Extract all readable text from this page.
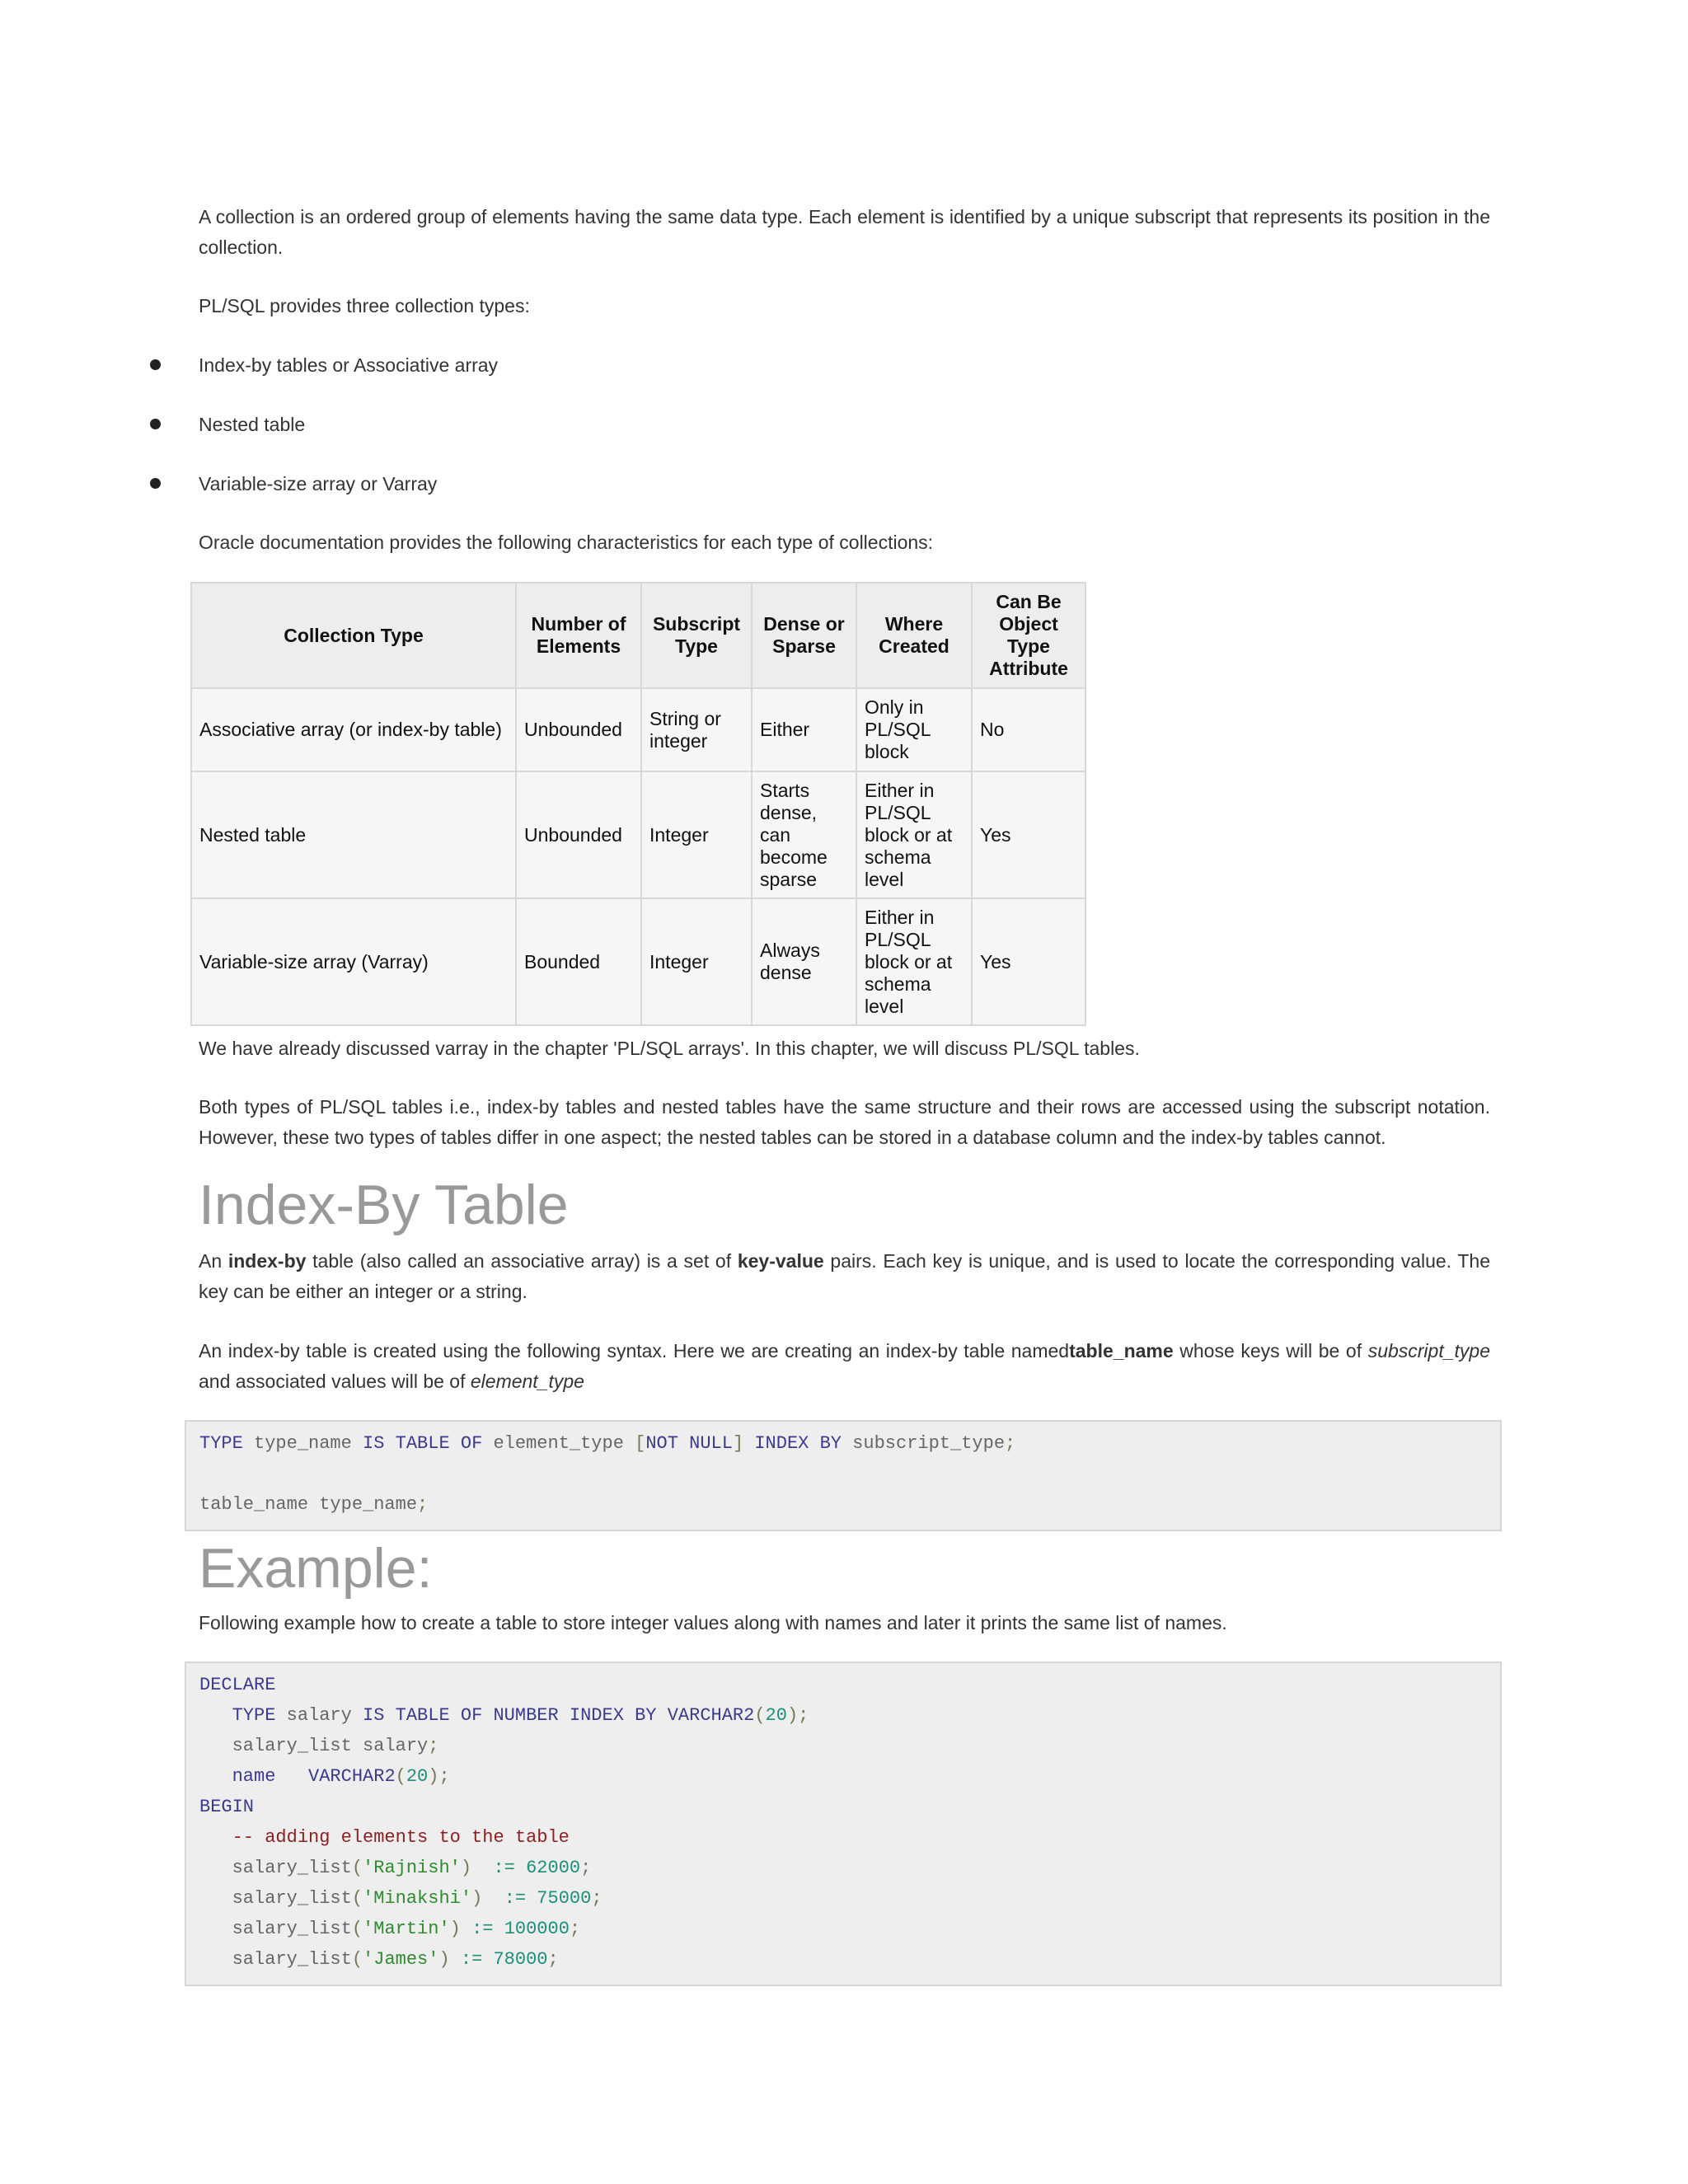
A collection is an ordered group of elements having the same data type. Each element is identified by a unique subscript that represents its position in the collection.

PL/SQL provides three collection types:

Index-by tables or Associative array

Nested table

Variable-size array or Varray

Oracle documentation provides the following characteristics for each type of collections:

Collection Type	Number of Elements	Subscript Type	Dense or Sparse	Where Created	Can Be Object Type Attribute
Associative array (or index-by table)	Unbounded	String or integer	Either	Only in PL/SQL block	No
Nested table	Unbounded	Integer	Starts dense, can become sparse	Either in PL/SQL block or at schema level	Yes
Variable-size array (Varray)	Bounded	Integer	Always dense	Either in PL/SQL block or at schema level	Yes

We have already discussed varray in the chapter 'PL/SQL arrays'. In this chapter, we will discuss PL/SQL tables.

Both types of PL/SQL tables i.e., index-by tables and nested tables have the same structure and their rows are accessed using the subscript notation. However, these two types of tables differ in one aspect; the nested tables can be stored in a database column and the index-by tables cannot.

Index-By Table

An index-by table (also called an associative array) is a set of key-value pairs. Each key is unique, and is used to locate the corresponding value. The key can be either an integer or a string.

An index-by table is created using the following syntax. Here we are creating an index-by table namedtable_name whose keys will be of subscript_type and associated values will be of element_type

TYPE type_name IS TABLE OF element_type [NOT NULL] INDEX BY subscript_type;
table_name type_name;
Example:

Following example how to create a table to store integer values along with names and later it prints the same list of names.

DECLARE
TYPE salary IS TABLE OF NUMBER INDEX BY VARCHAR2(20);
salary_list salary;
name VARCHAR2(20);
BEGIN
-- adding elements to the table
salary_list('Rajnish')  := 62000;
salary_list('Minakshi')  := 75000;
salary_list('Martin') := 100000;
salary_list('James') := 78000;
